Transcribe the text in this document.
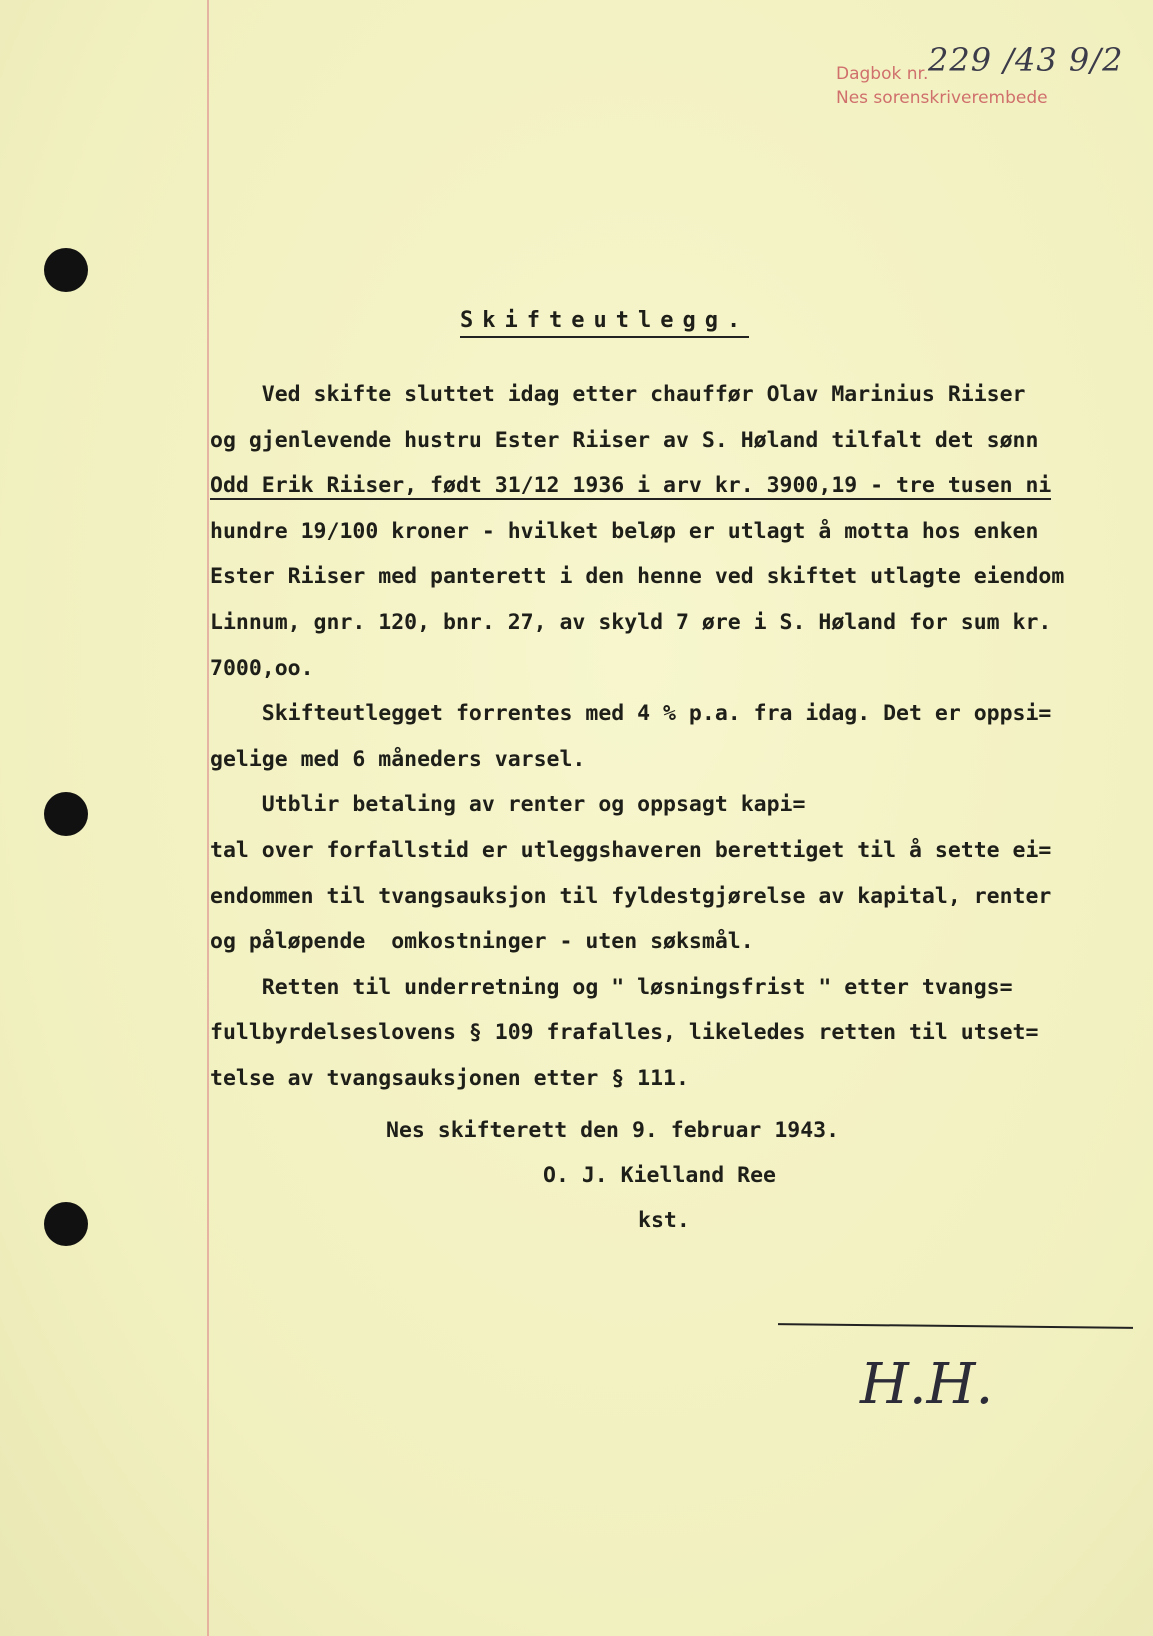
Dagbok nr.
Nes sorenskriverembede
229 /43 9/2
Skifteutlegg.
Ved skifte sluttet idag etter chauffør Olav Marinius Riiser
og gjenlevende hustru Ester Riiser av S. Høland tilfalt det sønn
Odd Erik Riiser, født 31/12 1936 i arv kr. 3900,19 - tre tusen ni
hundre 19/100 kroner - hvilket beløp er utlagt å motta hos enken
Ester Riiser med panterett i den henne ved skiftet utlagte eiendom
Linnum, gnr. 120, bnr. 27, av skyld 7 øre i S. Høland for sum kr.
7000,oo.
Skifteutlegget forrentes med 4 % p.a. fra idag. Det er oppsi=
gelige med 6 måneders varsel.
Utblir betaling av renter og oppsagt kapi=
tal over forfallstid er utleggshaveren berettiget til å sette ei=
endommen til tvangsauksjon til fyldestgjørelse av kapital, renter
og påløpende  omkostninger - uten søksmål.
Retten til underretning og " løsningsfrist " etter tvangs=
fullbyrdelseslovens § 109 frafalles, likeledes retten til utset=
telse av tvangsauksjonen etter § 111.
Nes skifterett den 9. februar 1943.
O. J. Kielland Ree
kst.
H.H.
